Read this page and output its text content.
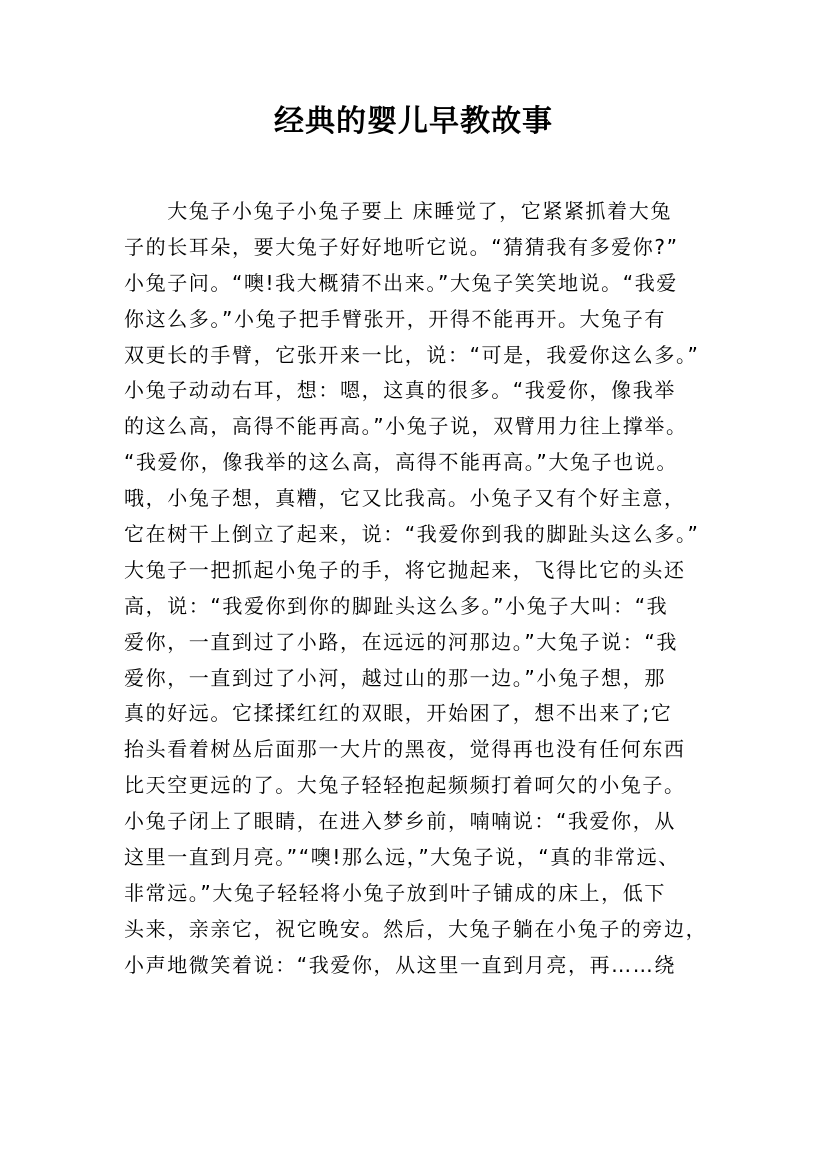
经典的婴儿早教故事
　　大兔子小兔子小兔子要上 床睡觉了，它紧紧抓着大兔
子的长耳朵，要大兔子好好地听它说。“猜猜我有多爱你?”
小兔子问。“噢!我大概猜不出来。”大兔子笑笑地说。“我爱
你这么多。”小兔子把手臂张开，开得不能再开。大兔子有
双更长的手臂，它张开来一比，说：“可是，我爱你这么多。”
小兔子动动右耳，想：嗯，这真的很多。“我爱你，像我举
的这么高，高得不能再高。”小兔子说，双臂用力往上撑举。
“我爱你，像我举的这么高，高得不能再高。”大兔子也说。
哦，小兔子想，真糟，它又比我高。小兔子又有个好主意，
它在树干上倒立了起来，说：“我爱你到我的脚趾头这么多。”
大兔子一把抓起小兔子的手，将它抛起来，飞得比它的头还
高，说：“我爱你到你的脚趾头这么多。”小兔子大叫：“我
爱你，一直到过了小路，在远远的河那边。”大兔子说：“我
爱你，一直到过了小河，越过山的那一边。”小兔子想，那
真的好远。它揉揉红红的双眼，开始困了，想不出来了;它
抬头看着树丛后面那一大片的黑夜，觉得再也没有任何东西
比天空更远的了。大兔子轻轻抱起频频打着呵欠的小兔子。
小兔子闭上了眼睛，在进入梦乡前，喃喃说：“我爱你，从
这里一直到月亮。”“噢!那么远，”大兔子说，“真的非常远、
非常远。”大兔子轻轻将小兔子放到叶子铺成的床上，低下
头来，亲亲它，祝它晚安。然后，大兔子躺在小兔子的旁边，
小声地微笑着说：“我爱你，从这里一直到月亮，再……绕
